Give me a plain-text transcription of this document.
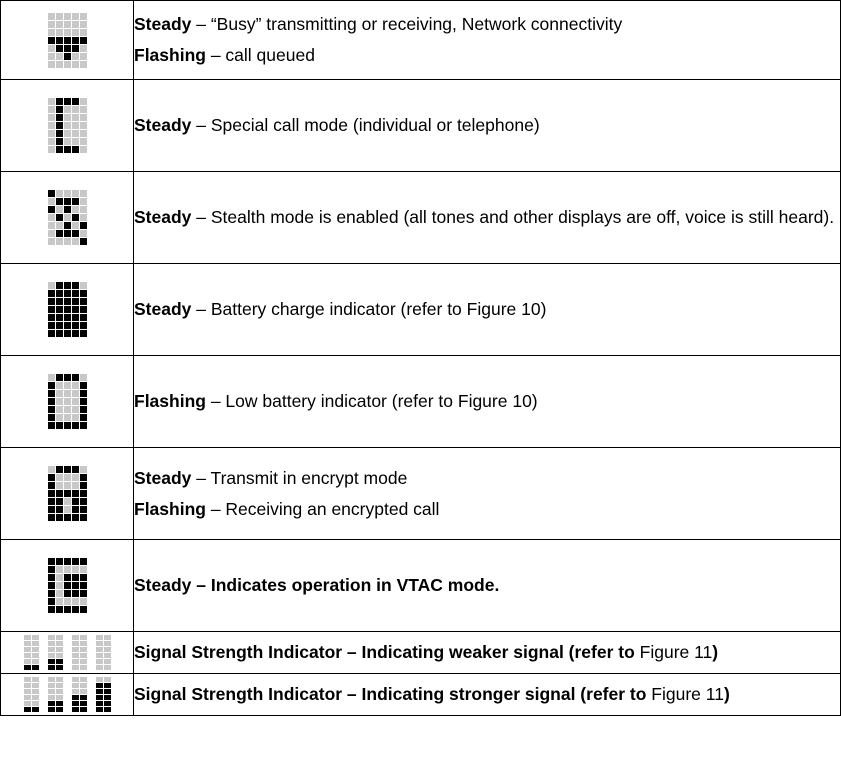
	Steady – “Busy” transmitting or receiving, Network connectivity
Flashing – call queued

	Steady – Special call mode (individual or telephone)

	Steady – Stealth mode is enabled (all tones and other displays are off, voice is still heard).

	Steady – Battery charge indicator (refer to Figure 10)

	Flashing – Low battery indicator (refer to Figure 10)

	Steady – Transmit in encrypt mode
Flashing – Receiving an encrypted call

	Steady – Indicates operation in VTAC mode.

	Signal Strength Indicator – Indicating weaker signal (refer to Figure 11)

	Signal Strength Indicator – Indicating stronger signal (refer to Figure 11)
